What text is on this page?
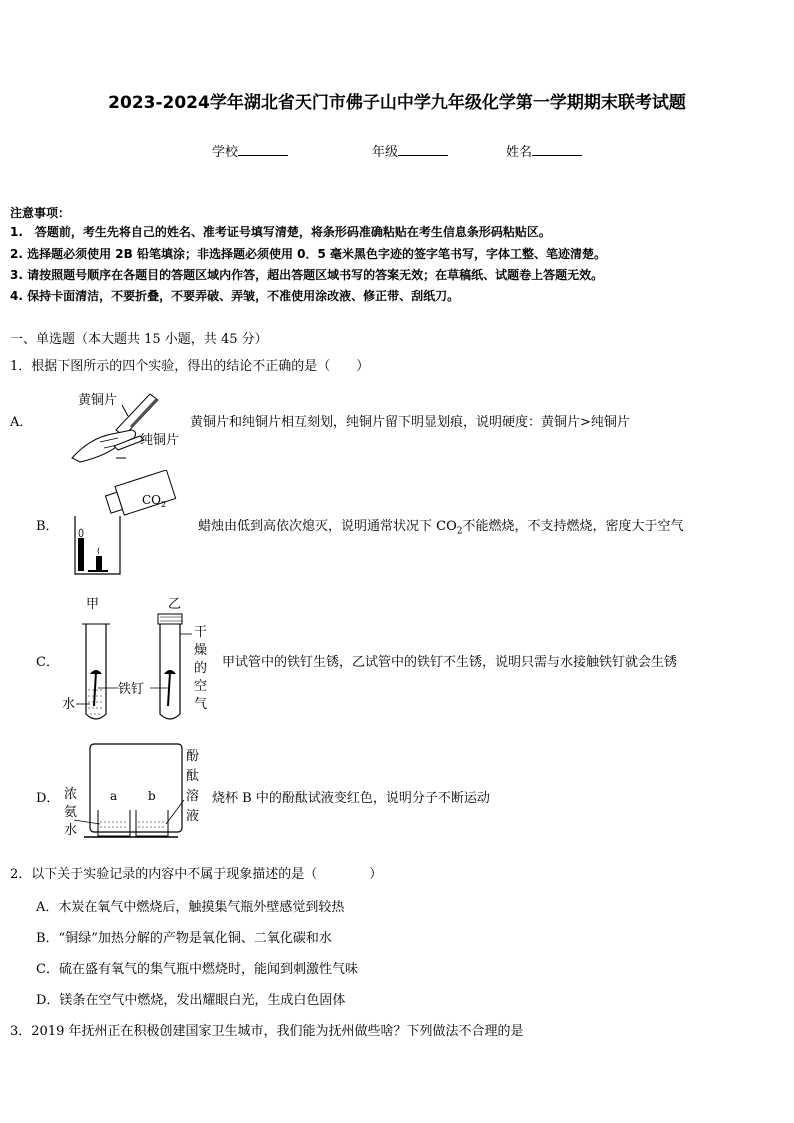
2023-2024学年湖北省天门市佛子山中学九年级化学第一学期期末联考试题
学校	年级	姓名
注意事项：
1.　答题前，考生先将自己的姓名、准考证号填写清楚，将条形码准确粘贴在考生信息条形码粘贴区。
2. 选择题必须使用 2B 铅笔填涂；非选择题必须使用 0．5 毫米黑色字迹的签字笔书写，字体工整、笔迹清楚。
3. 请按照题号顺序在各题目的答题区域内作答，超出答题区域书写的答案无效；在草稿纸、试题卷上答题无效。
4. 保持卡面清洁，不要折叠，不要弄破、弄皱，不准使用涂改液、修正带、刮纸刀。
一、单选题（本大题共 15 小题，共 45 分）
1．根据下图所示的四个实验，得出的结论不正确的是（　　）
A．
黄铜片
纯铜片
黄铜片和纯铜片相互刻划，纯铜片留下明显划痕，说明硬度：黄铜片>纯铜片
B．
$CO_2$
蜡烛由低到高依次熄灭，说明通常状况下 $CO_2$不能燃烧，不支持燃烧，密度大于空气
C．
甲	乙
铁钉
水
干
燥
的
空
气
甲试管中的铁钉生锈，乙试管中的铁钉不生锈，说明只需与水接触铁钉就会生锈
D． 浓
氨
水
a	b
酚
酞
溶
液
烧杯 B 中的酚酞试液变红色，说明分子不断运动
2．以下关于实验记录的内容中不属于现象描述的是（　　　　）
A．木炭在氧气中燃烧后，触摸集气瓶外壁感觉到较热
B．“铜绿”加热分解的产物是氧化铜、二氧化碳和水
C．硫在盛有氧气的集气瓶中燃烧时，能闻到刺激性气味
D．镁条在空气中燃烧，发出耀眼白光，生成白色固体
3．2019 年抚州正在积极创建国家卫生城市，我们能为抚州做些啥？下列做法不合理的是
